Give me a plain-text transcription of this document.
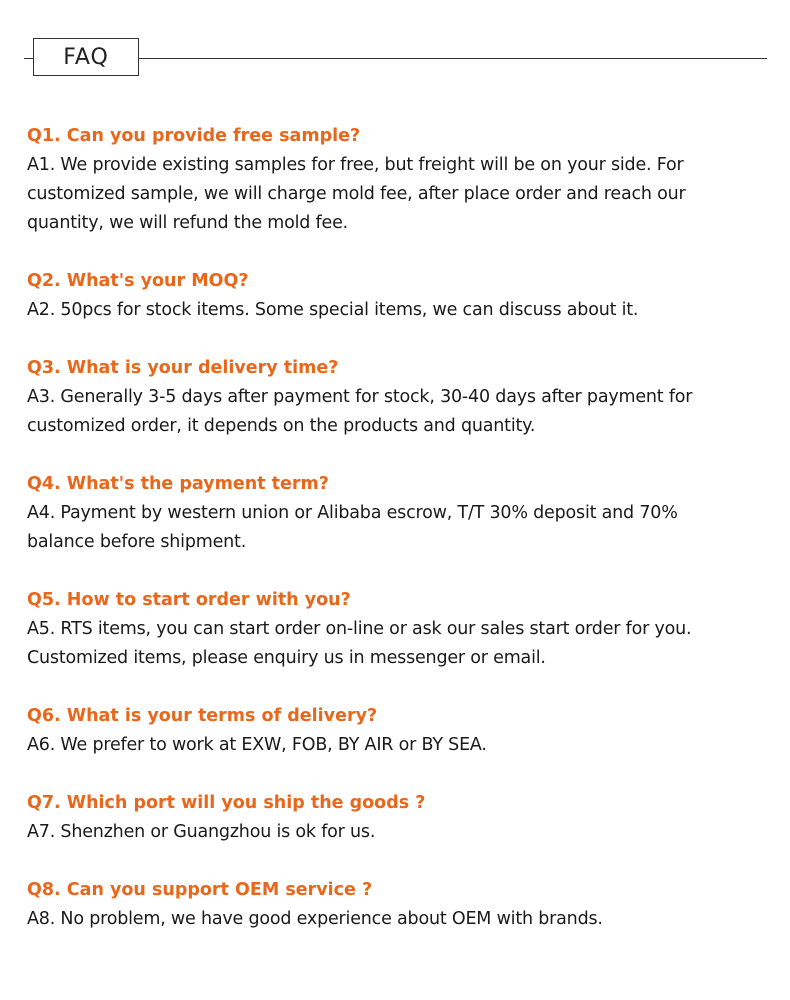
FAQ
Q1. Can you provide free sample?
A1. We provide existing samples for free, but freight will be on your side. For
customized sample, we will charge mold fee, after place order and reach our
quantity, we will refund the mold fee.
Q2. What's your MOQ?
A2. 50pcs for stock items. Some special items, we can discuss about it.
Q3. What is your delivery time?
A3. Generally 3-5 days after payment for stock, 30-40 days after payment for
customized order, it depends on the products and quantity.
Q4. What's the payment term?
A4. Payment by western union or Alibaba escrow, T/T 30% deposit and 70%
balance before shipment.
Q5. How to start order with you?
A5. RTS items, you can start order on-line or ask our sales start order for you.
Customized items, please enquiry us in messenger or email.
Q6. What is your terms of delivery?
A6. We prefer to work at EXW, FOB, BY AIR or BY SEA.
Q7. Which port will you ship the goods ?
A7. Shenzhen or Guangzhou is ok for us.
Q8. Can you support OEM service ?
A8. No problem, we have good experience about OEM with brands.
